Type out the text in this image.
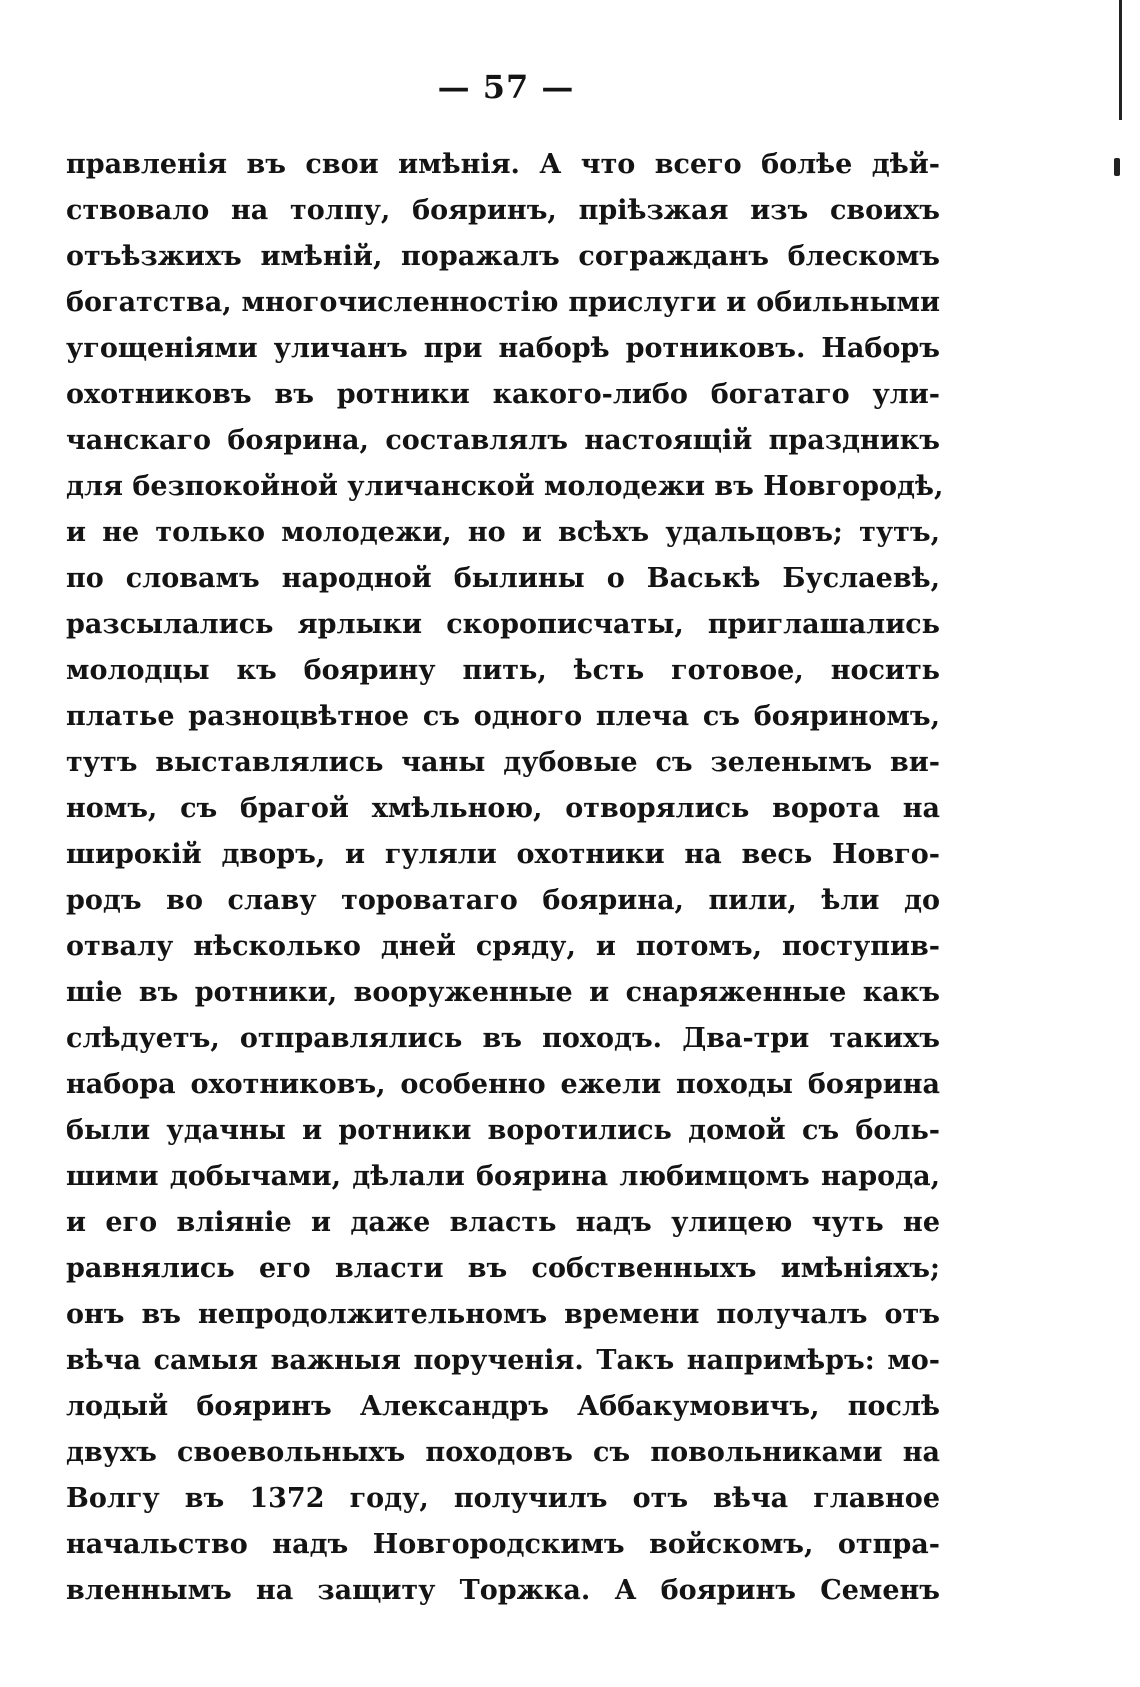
— 57 —
правленія въ свои имѣнія. А что всего болѣе дѣй-
ствовало на толпу, бояринъ, пріѣзжая изъ своихъ
отъѣзжихъ имѣній, поражалъ согражданъ блескомъ
богатства, многочисленностію прислуги и обильными
угощеніями уличанъ при наборѣ ротниковъ. Наборъ
охотниковъ въ ротники какого-либо богатаго ули-
чанскаго боярина, составлялъ настоящій праздникъ
для безпокойной уличанской молодежи въ Новгородѣ,
и не только молодежи, но и всѣхъ удальцовъ; тутъ,
по словамъ народной былины о Васькѣ Буслаевѣ,
разсылались ярлыки скорописчаты, приглашались
молодцы къ боярину пить, ѣсть готовое, носить
платье разноцвѣтное съ одного плеча съ бояриномъ,
тутъ выставлялись чаны дубовые съ зеленымъ ви-
номъ, съ брагой хмѣльною, отворялись ворота на
широкій дворъ, и гуляли охотники на весь Новго-
родъ во славу тороватаго боярина, пили, ѣли до
отвалу нѣсколько дней сряду, и потомъ, поступив-
шіе въ ротники, вооруженные и снаряженные какъ
слѣдуетъ, отправлялись въ походъ. Два-три такихъ
набора охотниковъ, особенно ежели походы боярина
были удачны и ротники воротились домой съ боль-
шими добычами, дѣлали боярина любимцомъ народа,
и его вліяніе и даже власть надъ улицею чуть не
равнялись его власти въ собственныхъ имѣніяхъ;
онъ въ непродолжительномъ времени получалъ отъ
вѣча самыя важныя порученія. Такъ напримѣръ: мо-
лодый бояринъ Александръ Аббакумовичъ, послѣ
двухъ своевольныхъ походовъ съ повольниками на
Волгу въ 1372 году, получилъ отъ вѣча главное
начальство надъ Новгородскимъ войскомъ, отпра-
вленнымъ на защиту Торжка. А бояринъ Семенъ
